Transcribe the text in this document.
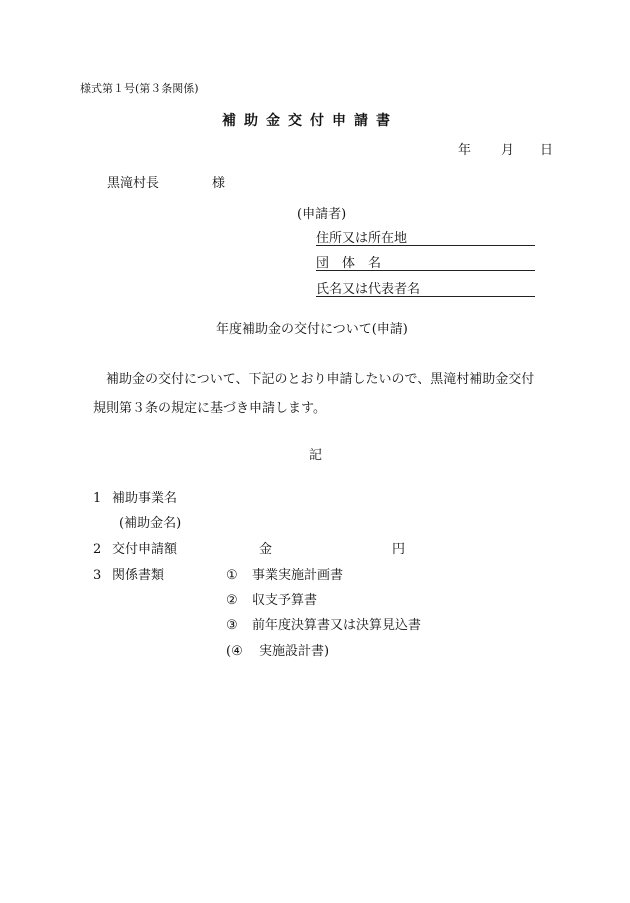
様式第１号(第３条関係)
補助金交付申請書
年 月 日
黒滝村長	様
(申請者)
住所又は所在地
団　体　名
氏名又は代表者名
年度補助金の交付について(申請)
補助金の交付について、下記のとおり申請したいので、黒滝村補助金交付
規則第３条の規定に基づき申請します。
記
1 補助事業名
(補助金名)
2 交付申請額	金	円
3 関係書類	① 事業実施計画書
② 収支予算書
③ 前年度決算書又は決算見込書
(④ 実施設計書)
